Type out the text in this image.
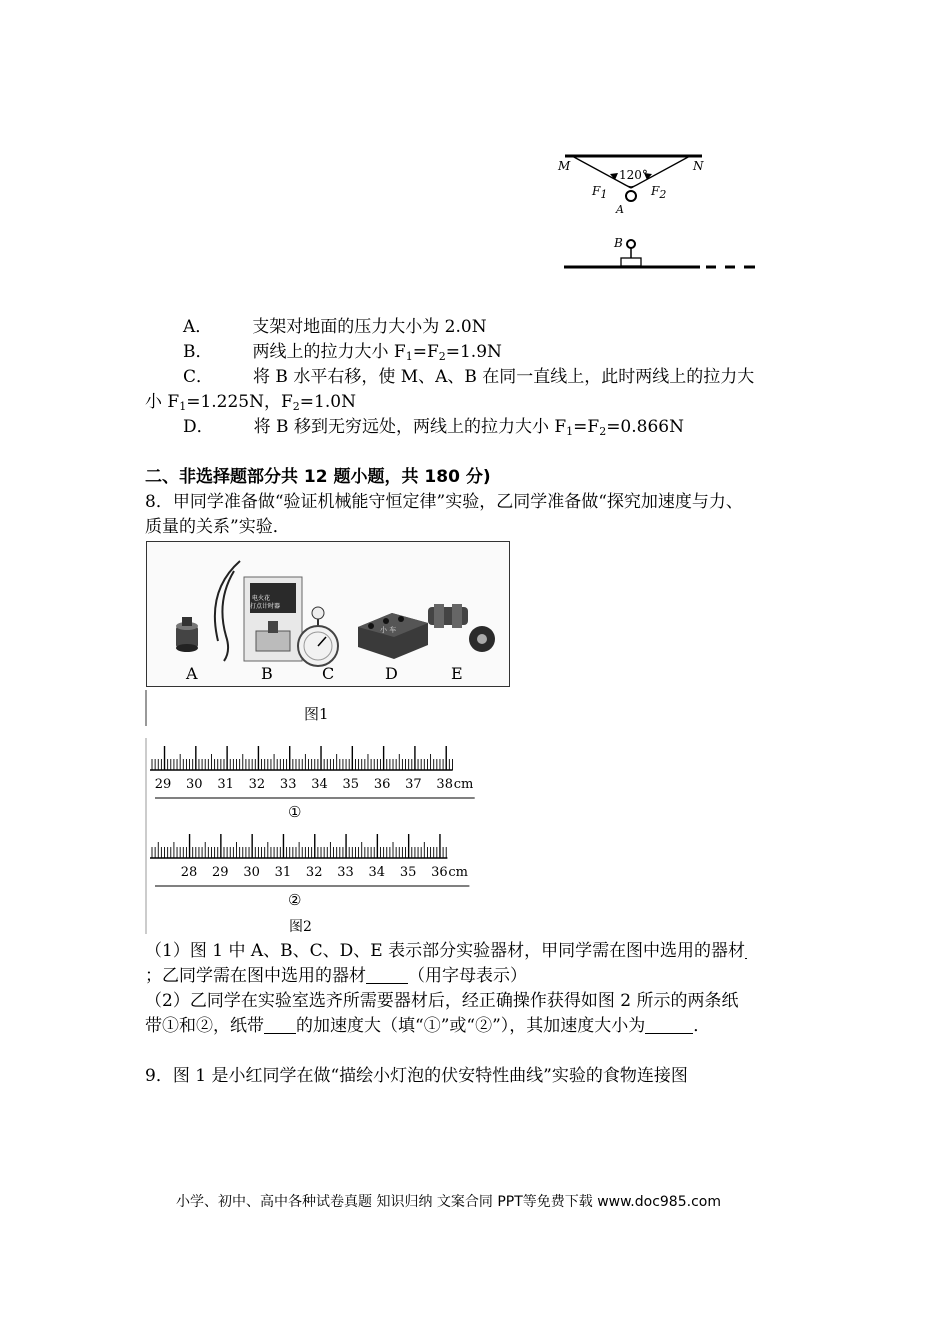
M	N
120°
F1	F2
A
B
A． 支架对地面的压力大小为 2.0N
B． 两线上的拉力大小 $F_1=F_2=1.9N$
C． 将 B 水平右移，使 M、A、B 在同一直线上，此时两线上的拉力大
小 $F_1=1.225N$，$F_2=1.0N$
D． 将 B 移到无穷远处，两线上的拉力大小 $F_1=F_2=0.866N$
二、非选择题部分共 12 题小题，共 180 分)
8．甲同学准备做“验证机械能守恒定律”实验，乙同学准备做“探究加速度与力、
质量的关系”实验．
电火花
打点计时器
小 车
A	B	C	D	E
图1
29 30 31 32 33 34 35 36 37 38 cm
①
28 29 30 31 32 33 34 35 36 cm
②
图2
（1）图 1 中 A、B、C、D、E 表示部分实验器材，甲同学需在图中选用的器材
；乙同学需在图中选用的器材 （用字母表示）
（2）乙同学在实验室选齐所需要器材后，经正确操作获得如图 2 所示的两条纸
带①和②，纸带 的加速度大（填“①”或“②”），其加速度大小为	．
9．图 1 是小红同学在做“描绘小灯泡的伏安特性曲线”实验的食物连接图
小学、初中、高中各种试卷真题 知识归纳 文案合同 PPT等免费下载 www.doc985.com
